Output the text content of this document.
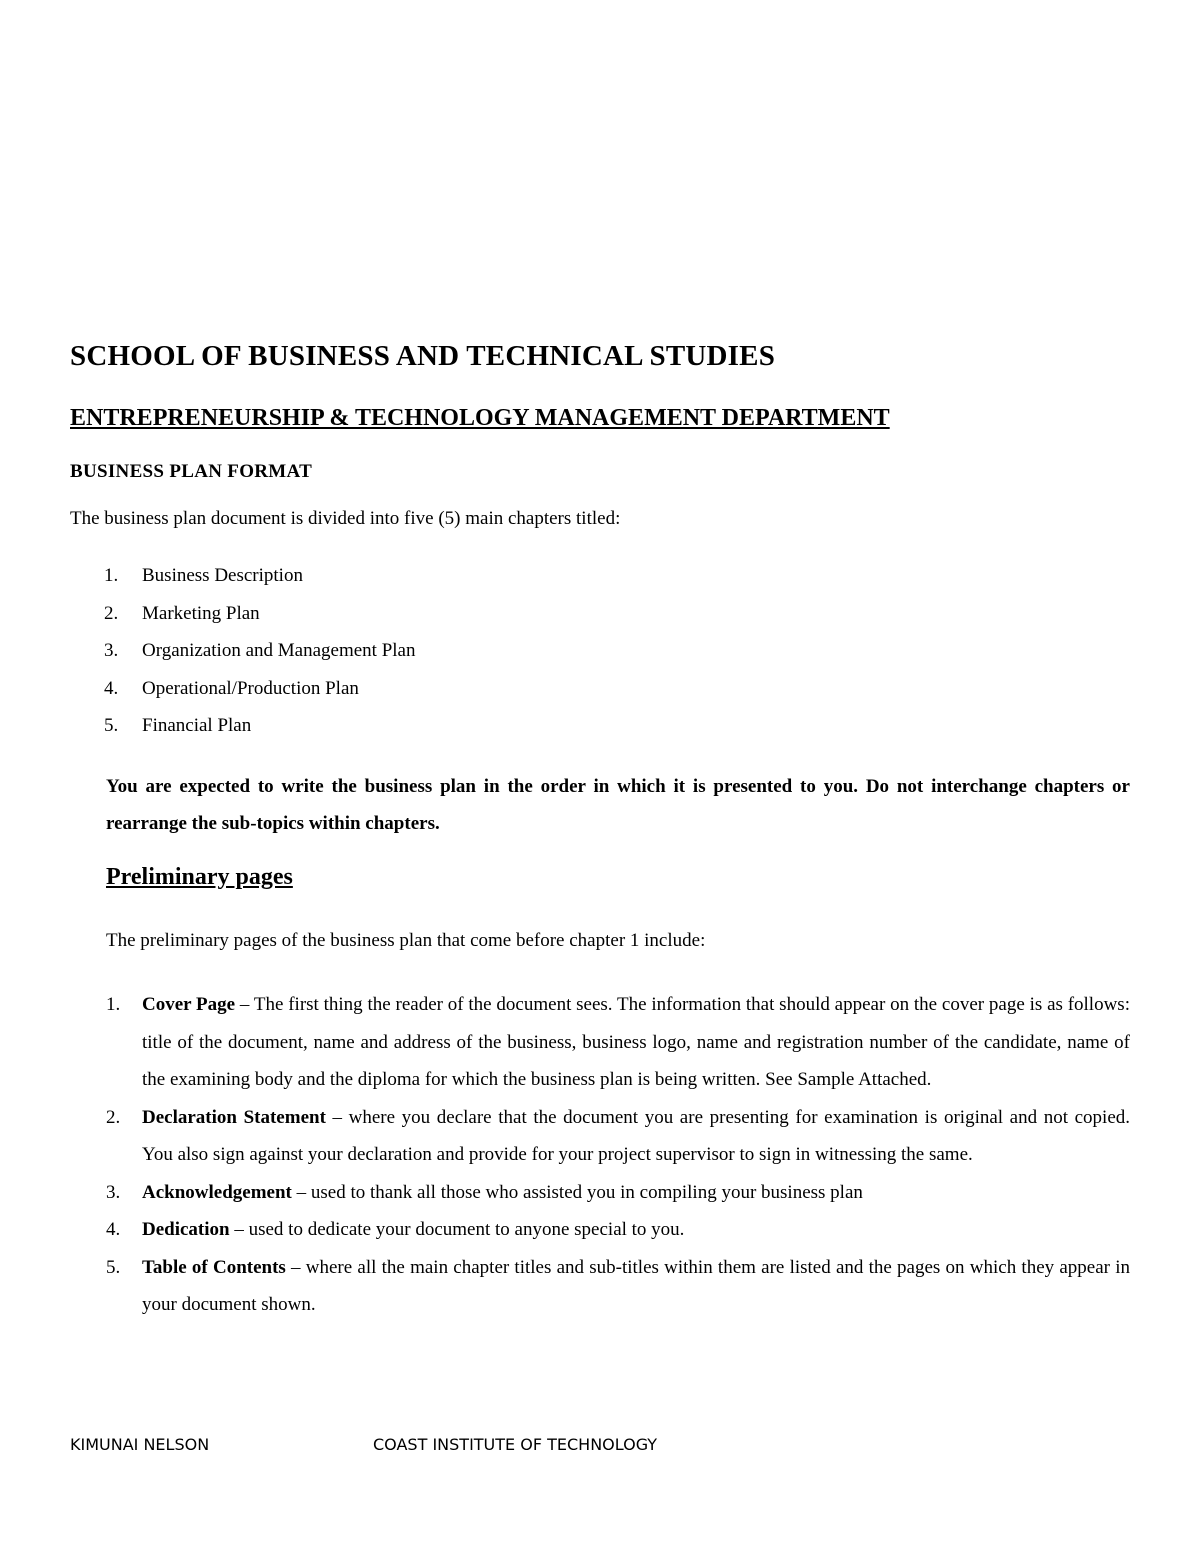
SCHOOL OF BUSINESS AND TECHNICAL STUDIES
ENTREPRENEURSHIP & TECHNOLOGY MANAGEMENT DEPARTMENT
BUSINESS PLAN FORMAT
The business plan document is divided into five (5) main chapters titled:
1.	Business Description
2.	Marketing Plan
3.	Organization and Management Plan
4.	Operational/Production Plan
5.	Financial Plan
You are expected to write the business plan in the order in which it is presented to you. Do not interchange chapters or rearrange the sub-topics within chapters.
Preliminary pages
The preliminary pages of the business plan that come before chapter 1 include:
1. Cover Page – The first thing the reader of the document sees. The information that should appear on the cover page is as follows: title of the document, name and address of the business, business logo, name and registration number of the candidate, name of the examining body and the diploma for which the business plan is being written. See Sample Attached.
2. Declaration Statement – where you declare that the document you are presenting for examination is original and not copied. You also sign against your declaration and provide for your project supervisor to sign in witnessing the same.
3. Acknowledgement – used to thank all those who assisted you in compiling your business plan
4. Dedication – used to dedicate your document to anyone special to you.
5. Table of Contents – where all the main chapter titles and sub-titles within them are listed and the pages on which they appear in your document shown.
KIMUNAI NELSON	COAST INSTITUTE OF TECHNOLOGY
